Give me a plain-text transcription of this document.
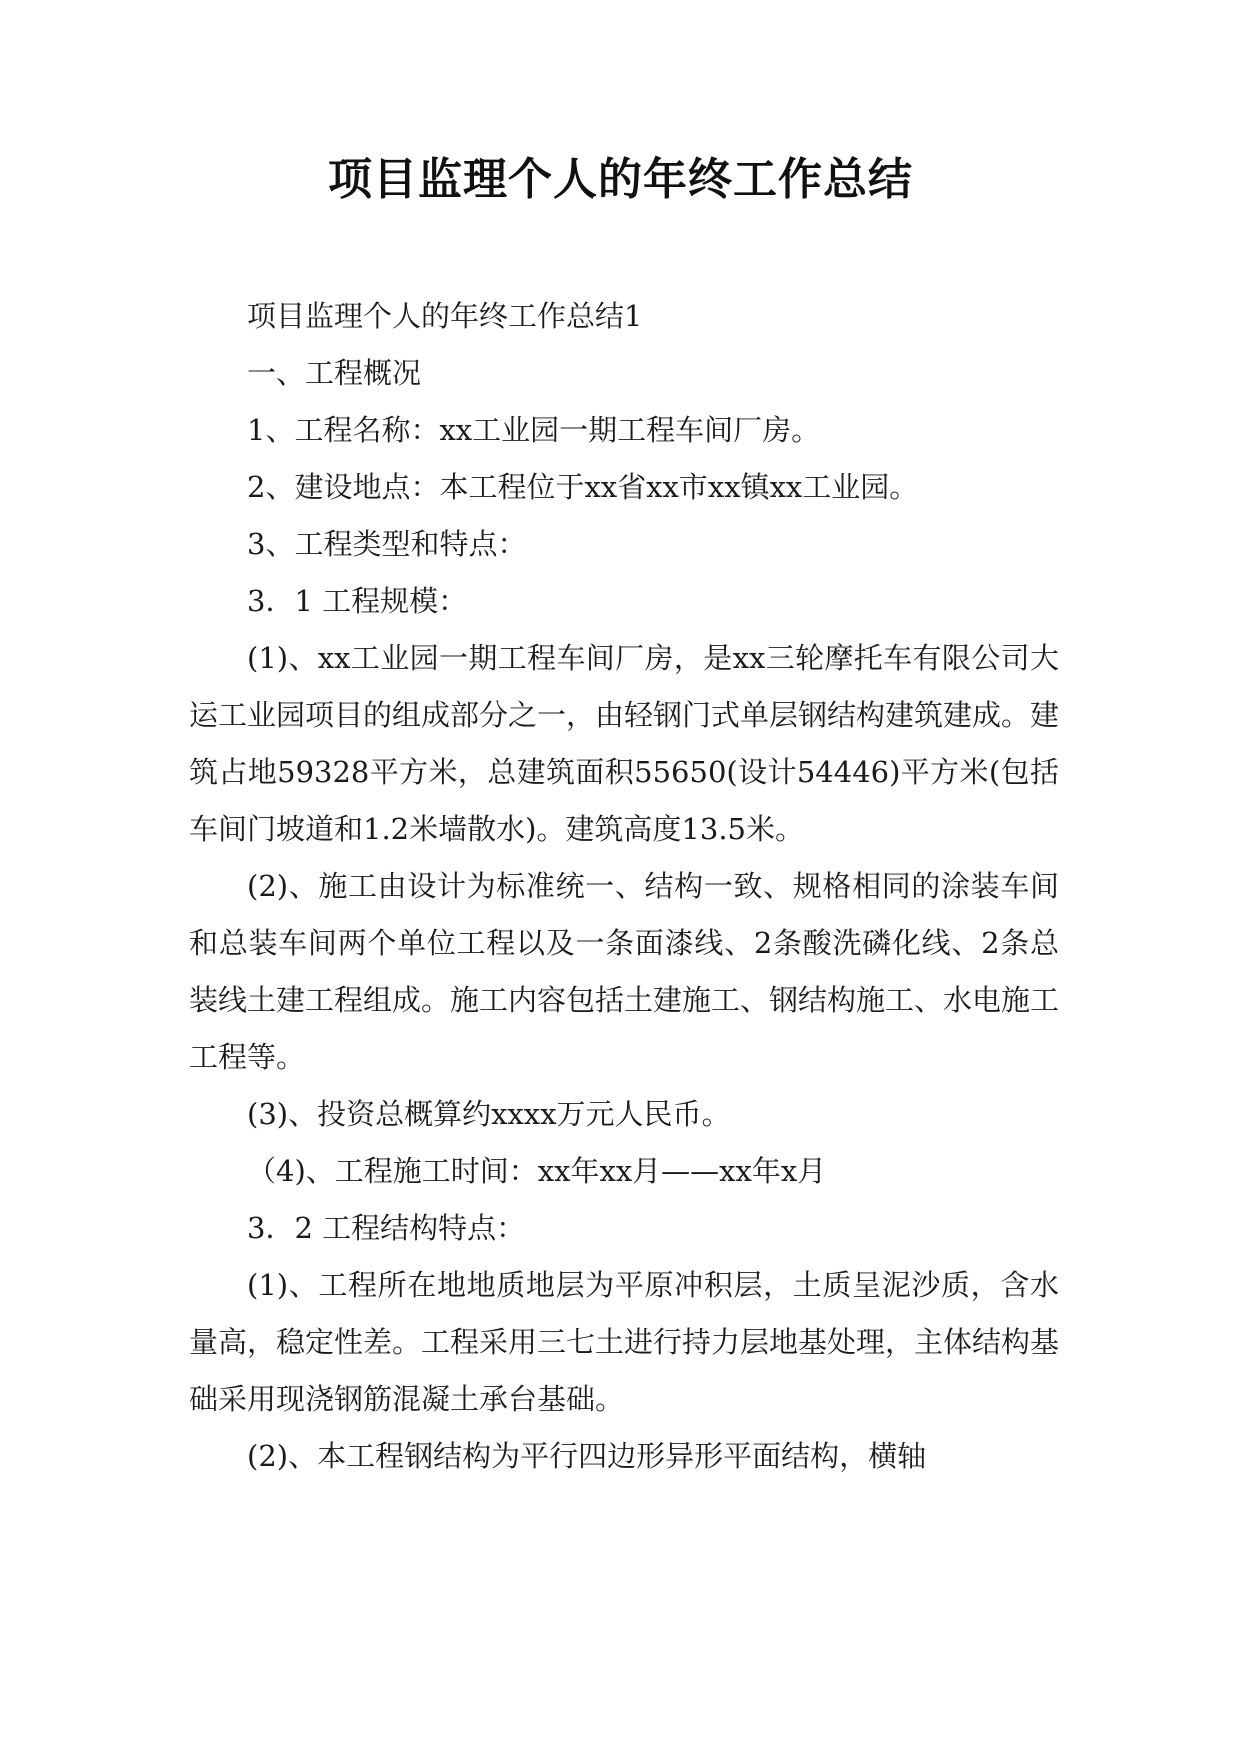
项目监理个人的年终工作总结

项目监理个人的年终工作总结1

一、工程概况

1、工程名称：xx工业园一期工程车间厂房。

2、建设地点：本工程位于xx省xx市xx镇xx工业园。

3、工程类型和特点：

3．1 工程规模：

(1)、xx工业园一期工程车间厂房，是xx三轮摩托车有限公司大运工业园项目的组成部分之一，由轻钢门式单层钢结构建筑建成。建筑占地59328平方米，总建筑面积55650(设计54446)平方米(包括车间门坡道和1.2米墙散水)。建筑高度13.5米。

(2)、施工由设计为标准统一、结构一致、规格相同的涂装车间和总装车间两个单位工程以及一条面漆线、2条酸洗磷化线、2条总装线土建工程组成。施工内容包括土建施工、钢结构施工、水电施工工程等。

(3)、投资总概算约xxxx万元人民币。

（4)、工程施工时间：xx年xx月——xx年x月

3．2 工程结构特点：

(1)、工程所在地地质地层为平原冲积层，土质呈泥沙质，含水量高，稳定性差。工程采用三七土进行持力层地基处理，主体结构基础采用现浇钢筋混凝土承台基础。

(2)、本工程钢结构为平行四边形异形平面结构，横轴
